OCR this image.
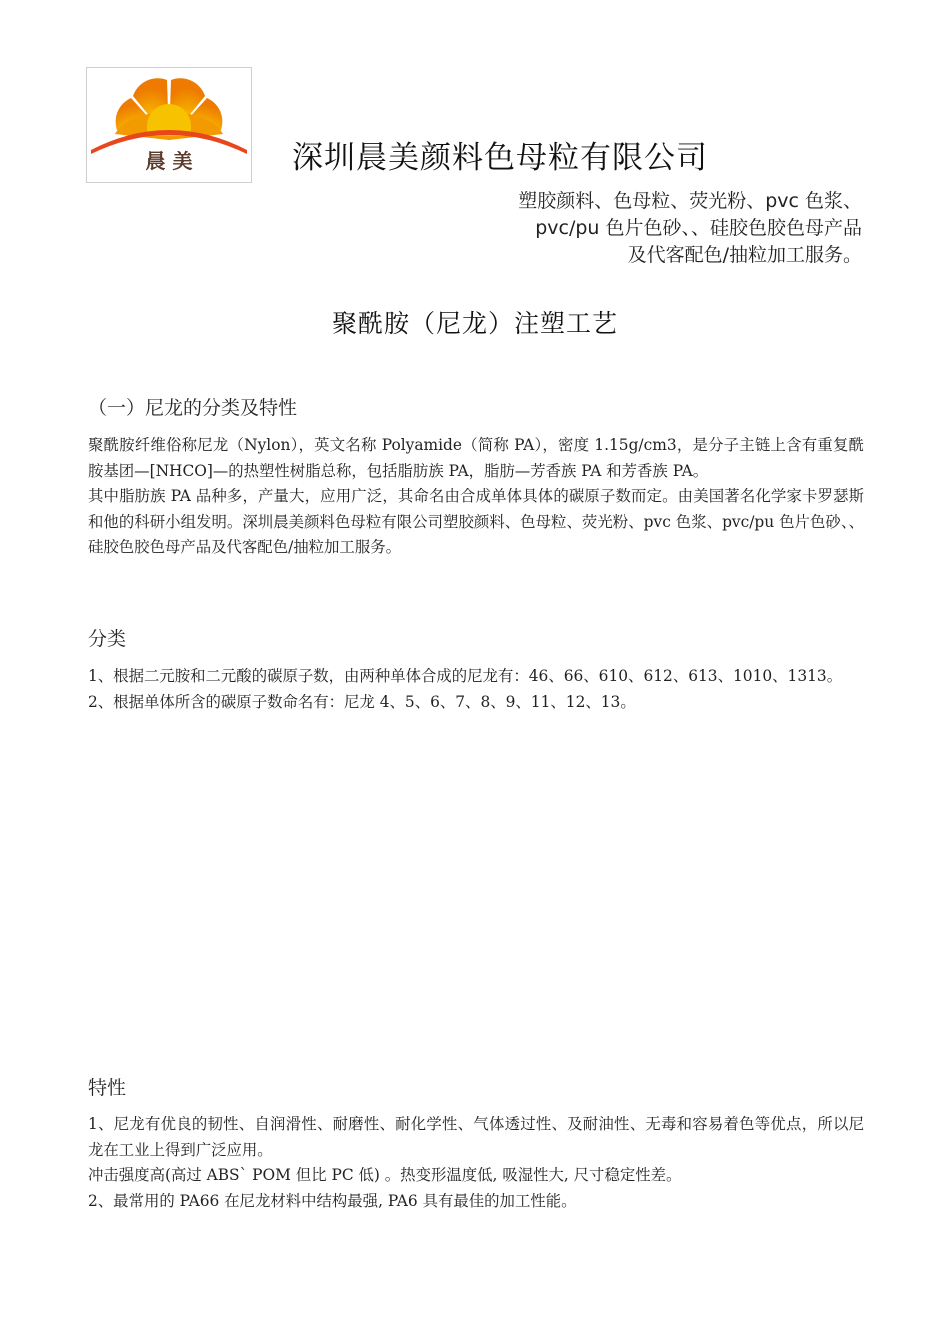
晨 美	深圳晨美颜料色母粒有限公司
塑胶颜料、色母粒、荧光粉、pvc 色浆、
pvc/pu 色片色砂、、硅胶色胶色母产品
及代客配色/抽粒加工服务。
聚酰胺（尼龙）注塑工艺
（一）尼龙的分类及特性

聚酰胺纤维俗称尼龙（Nylon），英文名称 Polyamide（简称 PA），密度 1.15g/cm3，是分子主链上含有重复酰胺基团—[NHCO]—的热塑性树脂总称，包括脂肪族 PA，脂肪—芳香族 PA 和芳香族 PA。

其中脂肪族 PA 品种多，产量大，应用广泛，其命名由合成单体具体的碳原子数而定。由美国著名化学家卡罗瑟斯和他的科研小组发明。深圳晨美颜料色母粒有限公司塑胶颜料、色母粒、荧光粉、pvc 色浆、pvc/pu 色片色砂、、硅胶色胶色母产品及代客配色/抽粒加工服务。

分类

1、根据二元胺和二元酸的碳原子数，由两种单体合成的尼龙有：46、66、610、612、613、1010、1313。

2、根据单体所含的碳原子数命名有：尼龙 4、5、6、7、8、9、11、12、13。

特性

1、尼龙有优良的韧性、自润滑性、耐磨性、耐化学性、气体透过性、及耐油性、无毒和容易着色等优点，所以尼龙在工业上得到广泛应用。

冲击强度高(高过 ABS` POM 但比 PC 低) 。热变形温度低, 吸湿性大, 尺寸稳定性差。

2、最常用的 PA66 在尼龙材料中结构最强, PA6 具有最佳的加工性能。
